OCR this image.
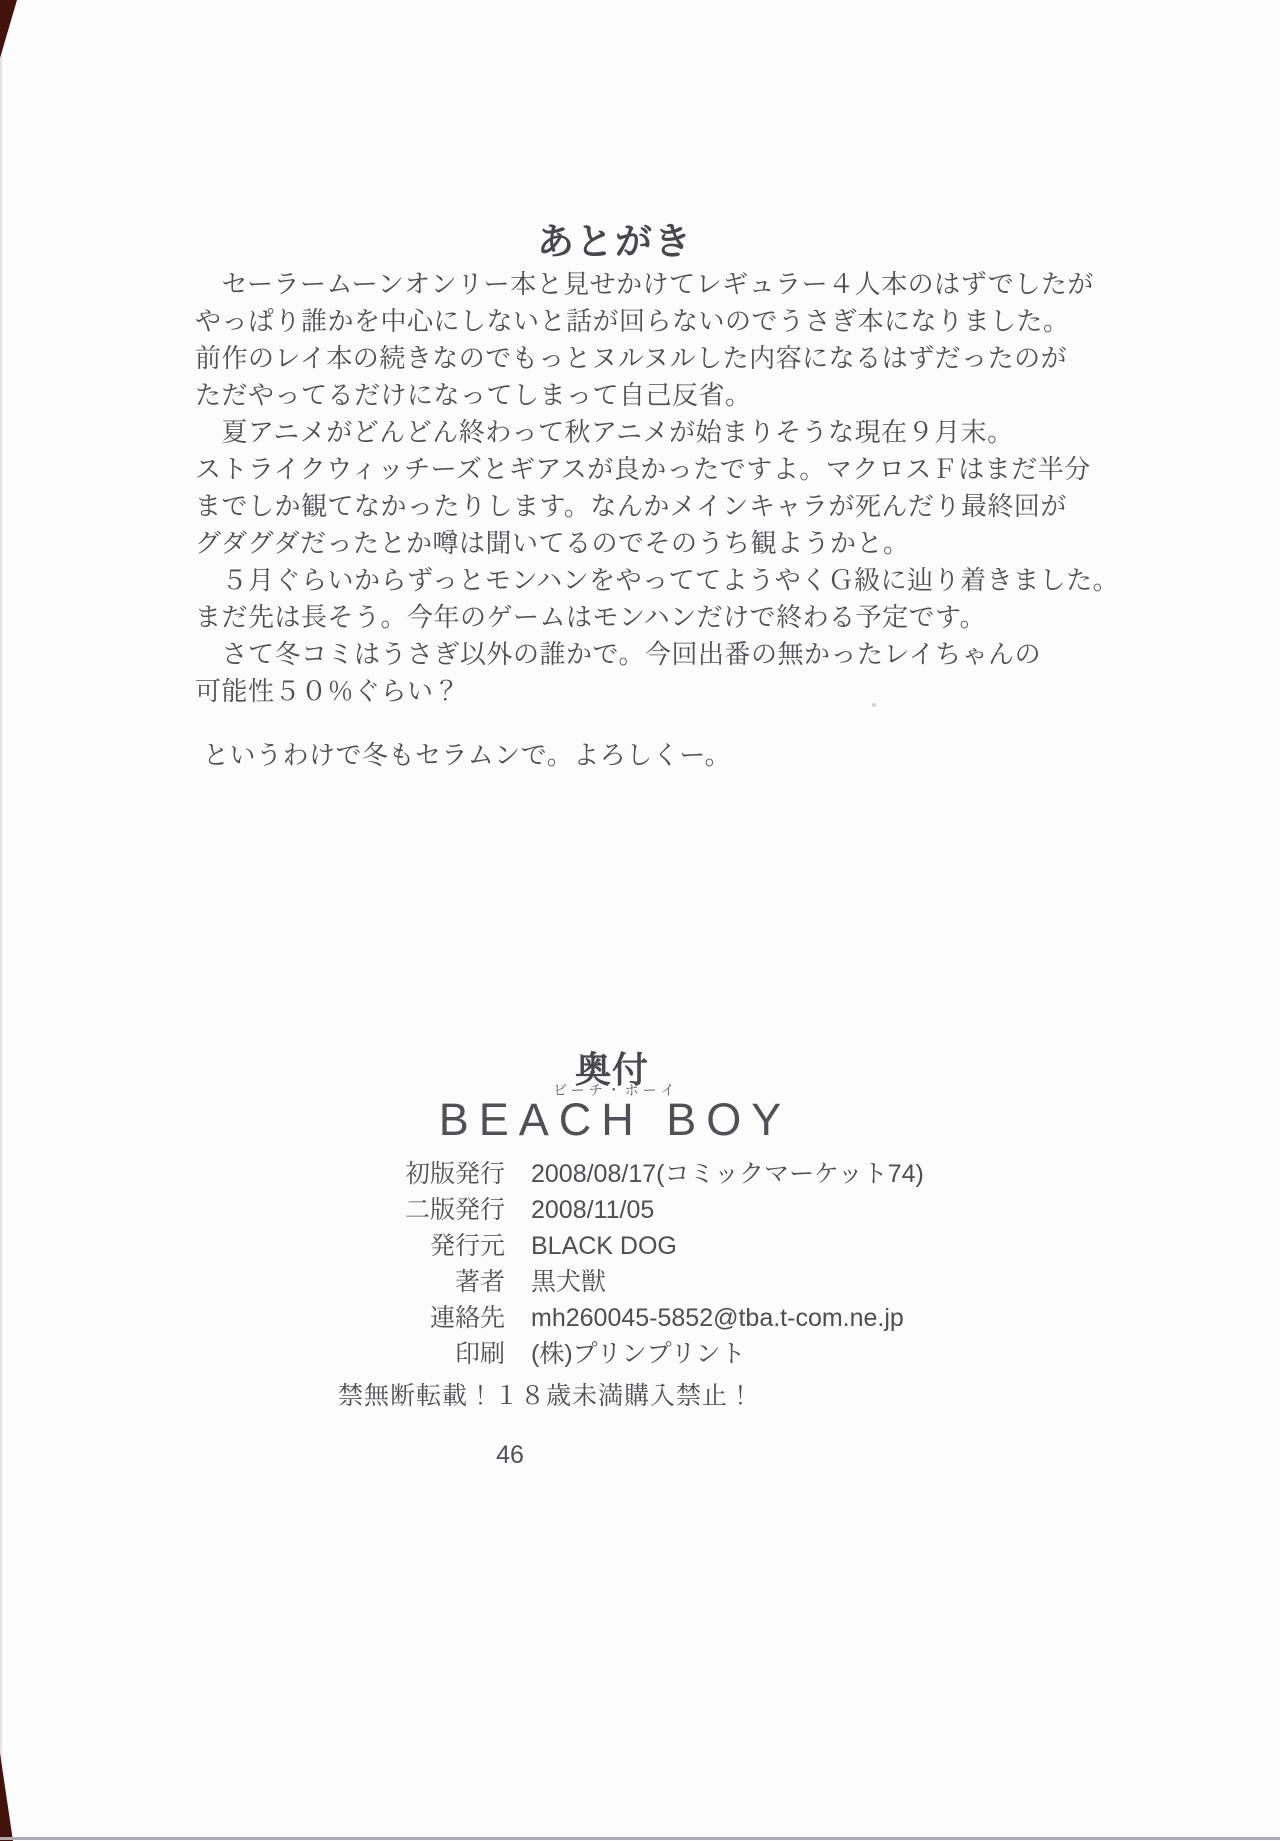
あとがき
　セーラームーンオンリー本と見せかけてレギュラー４人本のはずでしたが
やっぱり誰かを中心にしないと話が回らないのでうさぎ本になりました。
前作のレイ本の続きなのでもっとヌルヌルした内容になるはずだったのが
ただやってるだけになってしまって自己反省。
　夏アニメがどんどん終わって秋アニメが始まりそうな現在９月末。
ストライクウィッチーズとギアスが良かったですよ。マクロスＦはまだ半分
までしか観てなかったりします。なんかメインキャラが死んだり最終回が
グダグダだったとか噂は聞いてるのでそのうち観ようかと。
　５月ぐらいからずっとモンハンをやっててようやくＧ級に辿り着きました。
まだ先は長そう。今年のゲームはモンハンだけで終わる予定です。
　さて冬コミはうさぎ以外の誰かで。今回出番の無かったレイちゃんの
可能性５０％ぐらい？
というわけで冬もセラムンで。よろしくー。
奥付
ビーチ・ボーイ
BEACH BOY
初版発行 2008/08/17(コミックマーケット74)
二版発行 2008/11/05
発行元 BLACK DOG
著者 黒犬獣
連絡先 mh260045-5852@tba.t-com.ne.jp
印刷 (株)プリンプリント
禁無断転載！１８歳未満購入禁止！
46
